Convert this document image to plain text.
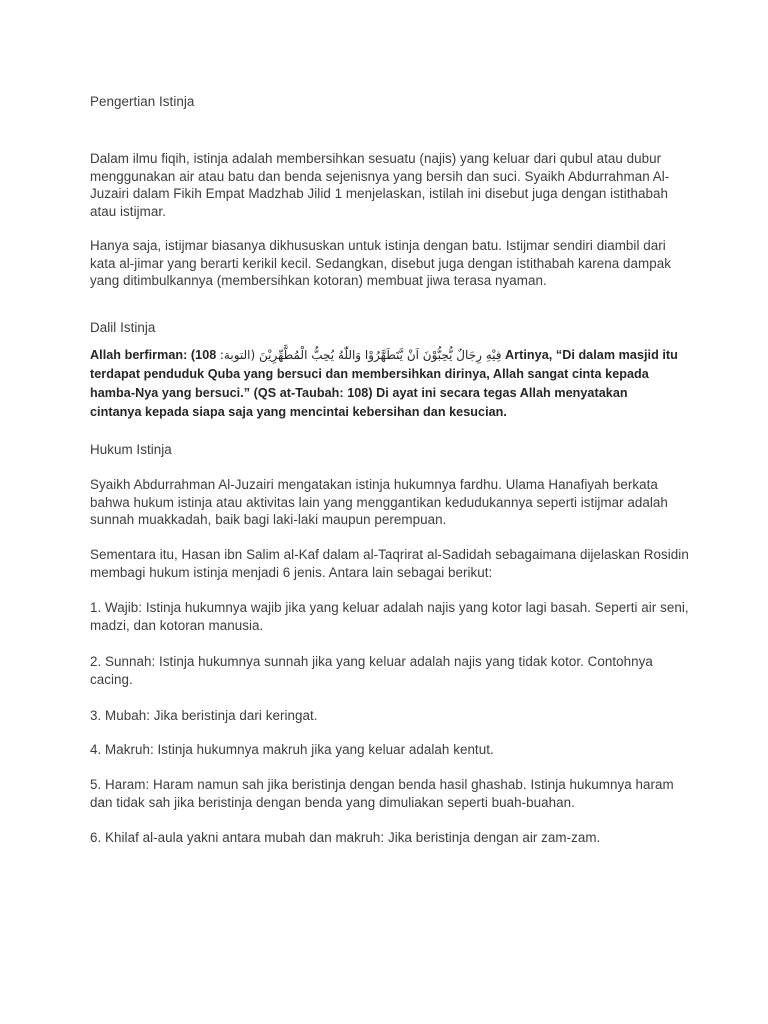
Pengertian Istinja

Dalam ilmu fiqih, istinja adalah membersihkan sesuatu (najis) yang keluar dari qubul atau dubur menggunakan air atau batu dan benda sejenisnya yang bersih dan suci. Syaikh Abdurrahman Al-Juzairi dalam Fikih Empat Madzhab Jilid 1 menjelaskan, istilah ini disebut juga dengan istithabah atau istijmar.

Hanya saja, istijmar biasanya dikhususkan untuk istinja dengan batu. Istijmar sendiri diambil dari kata al-jimar yang berarti kerikil kecil. Sedangkan, disebut juga dengan istithabah karena dampak yang ditimbulkannya (membersihkan kotoran) membuat jiwa terasa nyaman.

Dalil Istinja

Allah berfirman: (108 فِيْهِ رِجَالٌ يُّحِبُّوْنَ اَنْ يَّتَطَهَّرُوْا وَاللّٰهُ يُحِبُّ الْمُطَّهِّرِيْنَ (التوبة: Artinya, “Di dalam masjid itu terdapat penduduk Quba yang bersuci dan membersihkan dirinya, Allah sangat cinta kepada hamba-Nya yang bersuci.” (QS at-Taubah: 108) Di ayat ini secara tegas Allah menyatakan cintanya kepada siapa saja yang mencintai kebersihan dan kesucian.

Hukum Istinja

Syaikh Abdurrahman Al-Juzairi mengatakan istinja hukumnya fardhu. Ulama Hanafiyah berkata bahwa hukum istinja atau aktivitas lain yang menggantikan kedudukannya seperti istijmar adalah sunnah muakkadah, baik bagi laki-laki maupun perempuan.

Sementara itu, Hasan ibn Salim al-Kaf dalam al-Taqrirat al-Sadidah sebagaimana dijelaskan Rosidin membagi hukum istinja menjadi 6 jenis. Antara lain sebagai berikut:

1. Wajib: Istinja hukumnya wajib jika yang keluar adalah najis yang kotor lagi basah. Seperti air seni, madzi, dan kotoran manusia.

2. Sunnah: Istinja hukumnya sunnah jika yang keluar adalah najis yang tidak kotor. Contohnya cacing.

3. Mubah: Jika beristinja dari keringat.

4. Makruh: Istinja hukumnya makruh jika yang keluar adalah kentut.

5. Haram: Haram namun sah jika beristinja dengan benda hasil ghashab. Istinja hukumnya haram dan tidak sah jika beristinja dengan benda yang dimuliakan seperti buah-buahan.

6. Khilaf al-aula yakni antara mubah dan makruh: Jika beristinja dengan air zam-zam.
